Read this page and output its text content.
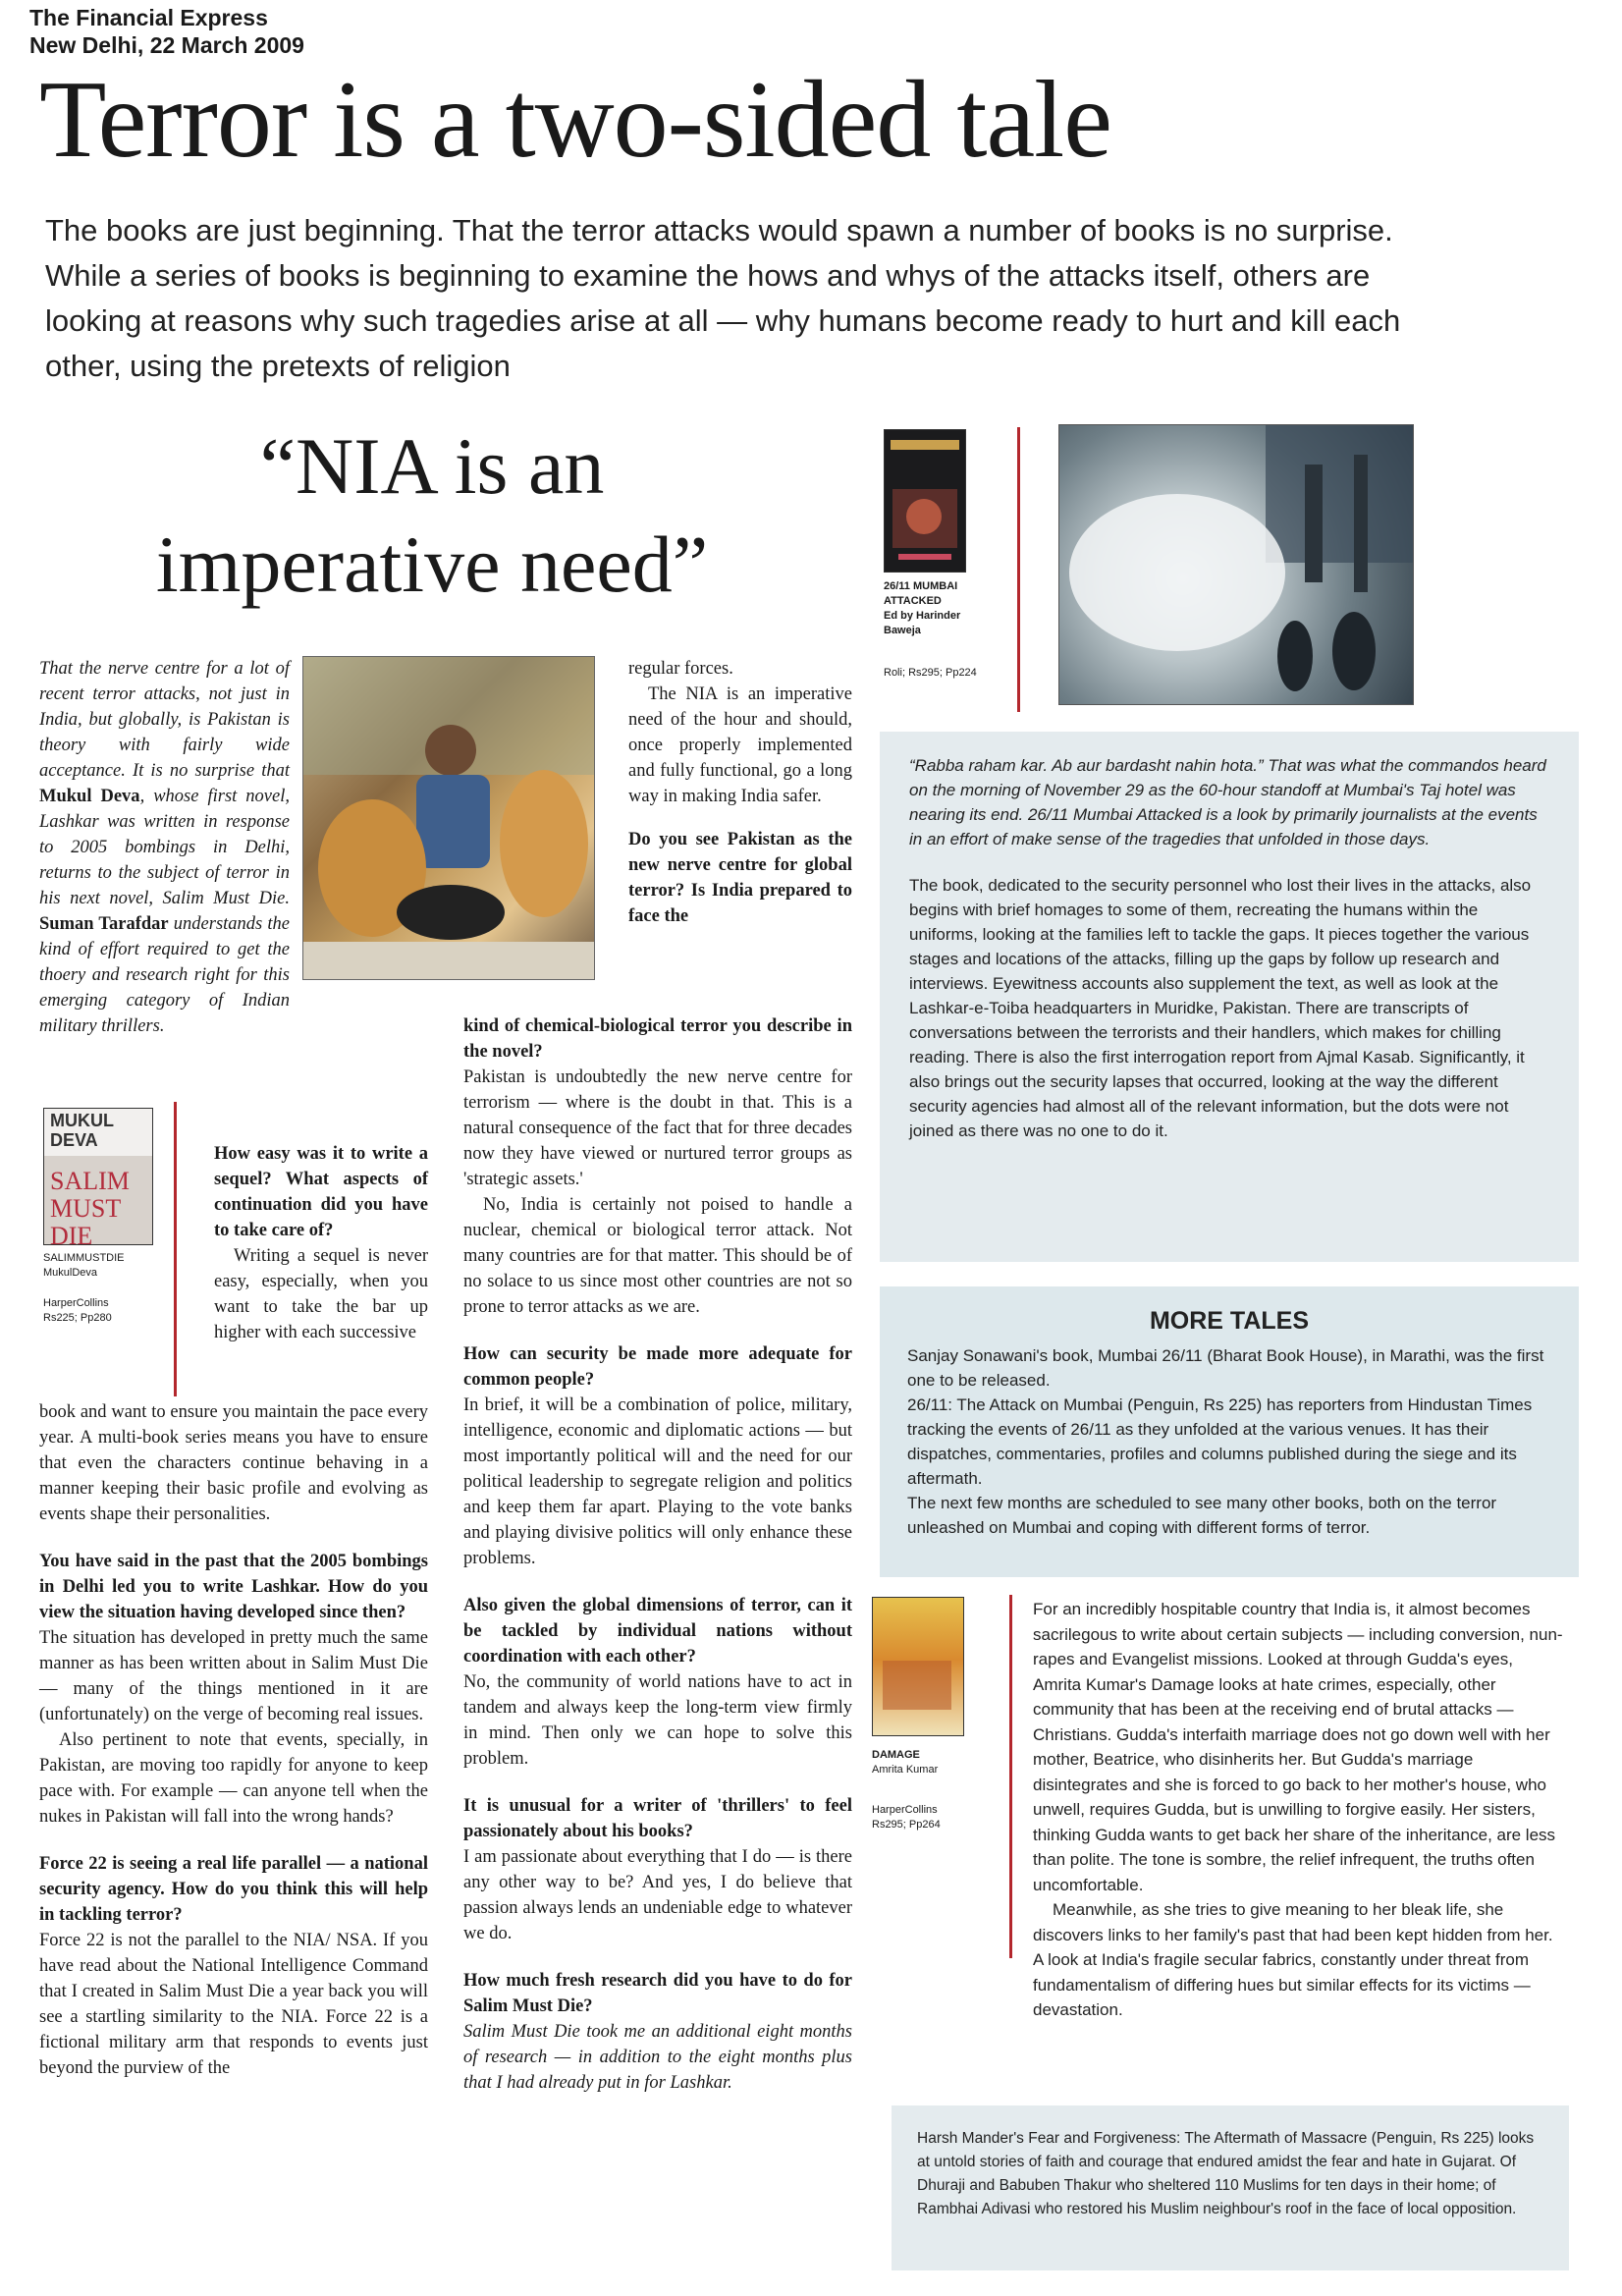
The Financial Express
New Delhi, 22 March 2009
Terror is a two-sided tale
The books are just beginning. That the terror attacks would spawn a number of books is no surprise. While a series of books is beginning to examine the hows and whys of the attacks itself, others are looking at reasons why such tragedies arise at all — why humans become ready to hurt and kill each other, using the pretexts of religion
“NIA is an
imperative need”

That the nerve centre for a lot of recent terror attacks, not just in India, but globally, is Pakistan is theory with fairly wide acceptance. It is no surprise that Mukul Deva, whose first novel, Lashkar was written in response to 2005 bombings in Delhi, returns to the subject of terror in his next novel, Salim Must Die. Suman Tarafdar understands the kind of effort required to get the thoery and research right for this emerging category of Indian military thrillers.

MUKUL DEVA
SALIM MUST DIE
SALIMMUSTDIE
MukulDeva
HarperCollins
Rs225; Pp280

How easy was it to write a sequel? What aspects of continuation did you have to take care of?

Writing a sequel is never easy, especially, when you want to take the bar up higher with each successive

book and want to ensure you maintain the pace every year. A multi-book series means you have to ensure that even the characters continue behaving in a manner keeping their basic profile and evolving as events shape their personalities.

You have said in the past that the 2005 bombings in Delhi led you to write Lashkar. How do you view the situation having developed since then?

The situation has developed in pretty much the same manner as has been written about in Salim Must Die — many of the things mentioned in it are (unfortunately) on the verge of becoming real issues.

Also pertinent to note that events, specially, in Pakistan, are moving too rapidly for anyone to keep pace with. For example — can anyone tell when the nukes in Pakistan will fall into the wrong hands?

Force 22 is seeing a real life parallel — a national security agency. How do you think this will help in tackling terror?

Force 22 is not the parallel to the NIA/ NSA. If you have read about the National Intelligence Command that I created in Salim Must Die a year back you will see a startling similarity to the NIA. Force 22 is a fictional military arm that responds to events just beyond the purview of the

regular forces.

The NIA is an imperative need of the hour and should, once properly implemented and fully functional, go a long way in making India safer.

Do you see Pakistan as the new nerve centre for global terror? Is India prepared to face the

kind of chemical-biological terror you describe in the novel?

Pakistan is undoubtedly the new nerve centre for terrorism — where is the doubt in that. This is a natural consequence of the fact that for three decades now they have viewed or nurtured terror groups as 'strategic assets.'

No, India is certainly not poised to handle a nuclear, chemical or biological terror attack. Not many countries are for that matter. This should be of no solace to us since most other countries are not so prone to terror attacks as we are.

How can security be made more adequate for common people?

In brief, it will be a combination of police, military, intelligence, economic and diplomatic actions — but most importantly political will and the need for our political leadership to segregate religion and politics and keep them far apart. Playing to the vote banks and playing divisive politics will only enhance these problems.

Also given the global dimensions of terror, can it be tackled by individual nations without coordination with each other?

No, the community of world nations have to act in tandem and always keep the long-term view firmly in mind. Then only we can hope to solve this problem.

It is unusual for a writer of 'thrillers' to feel passionately about his books?

I am passionate about everything that I do — is there any other way to be? And yes, I do believe that passion always lends an undeniable edge to whatever we do.

How much fresh research did you have to do for Salim Must Die?

Salim Must Die took me an additional eight months of research — in addition to the eight months plus that I had already put in for Lashkar.

26/11 MUMBAI ATTACKED
Ed by Harinder Baweja
Roli; Rs295; Pp224

“Rabba raham kar. Ab aur bardasht nahin hota.” That was what the commandos heard on the morning of November 29 as the 60-hour standoff at Mumbai's Taj hotel was nearing its end. 26/11 Mumbai Attacked is a look by primarily journalists at the events in an effort of make sense of the tragedies that unfolded in those days.

The book, dedicated to the security personnel who lost their lives in the attacks, also begins with brief homages to some of them, recreating the humans within the uniforms, looking at the families left to tackle the gaps. It pieces together the various stages and locations of the attacks, filling up the gaps by follow up research and interviews. Eyewitness accounts also supplement the text, as well as look at the Lashkar-e-Toiba headquarters in Muridke, Pakistan. There are transcripts of conversations between the terrorists and their handlers, which makes for chilling reading. There is also the first interrogation report from Ajmal Kasab. Significantly, it also brings out the security lapses that occurred, looking at the way the different security agencies had almost all of the relevant information, but the dots were not joined as there was no one to do it.

MORE TALES

Sanjay Sonawani's book, Mumbai 26/11 (Bharat Book House), in Marathi, was the first one to be released.

26/11: The Attack on Mumbai (Penguin, Rs 225) has reporters from Hindustan Times tracking the events of 26/11 as they unfolded at the various venues. It has their dispatches, commentaries, profiles and columns published during the siege and its aftermath.

The next few months are scheduled to see many other books, both on the terror unleashed on Mumbai and coping with different forms of terror.

DAMAGE
Amrita Kumar
HarperCollins
Rs295; Pp264

For an incredibly hospitable country that India is, it almost becomes sacrilegous to write about certain subjects — including conversion, nun-rapes and Evangelist missions. Looked at through Gudda's eyes, Amrita Kumar's Damage looks at hate crimes, especially, other community that has been at the receiving end of brutal attacks — Christians. Gudda's interfaith marriage does not go down well with her mother, Beatrice, who disinherits her. But Gudda's marriage disintegrates and she is forced to go back to her mother's house, who unwell, requires Gudda, but is unwilling to forgive easily. Her sisters, thinking Gudda wants to get back her share of the inheritance, are less than polite. The tone is sombre, the relief infrequent, the truths often uncomfortable.

Meanwhile, as she tries to give meaning to her bleak life, she discovers links to her family's past that had been kept hidden from her. A look at India's fragile secular fabrics, constantly under threat from fundamentalism of differing hues but similar effects for its victims — devastation.

Harsh Mander's Fear and Forgiveness: The Aftermath of Massacre (Penguin, Rs 225) looks at untold stories of faith and courage that endured amidst the fear and hate in Gujarat. Of Dhuraji and Babuben Thakur who sheltered 110 Muslims for ten days in their home; of Rambhai Adivasi who restored his Muslim neighbour's roof in the face of local opposition.
